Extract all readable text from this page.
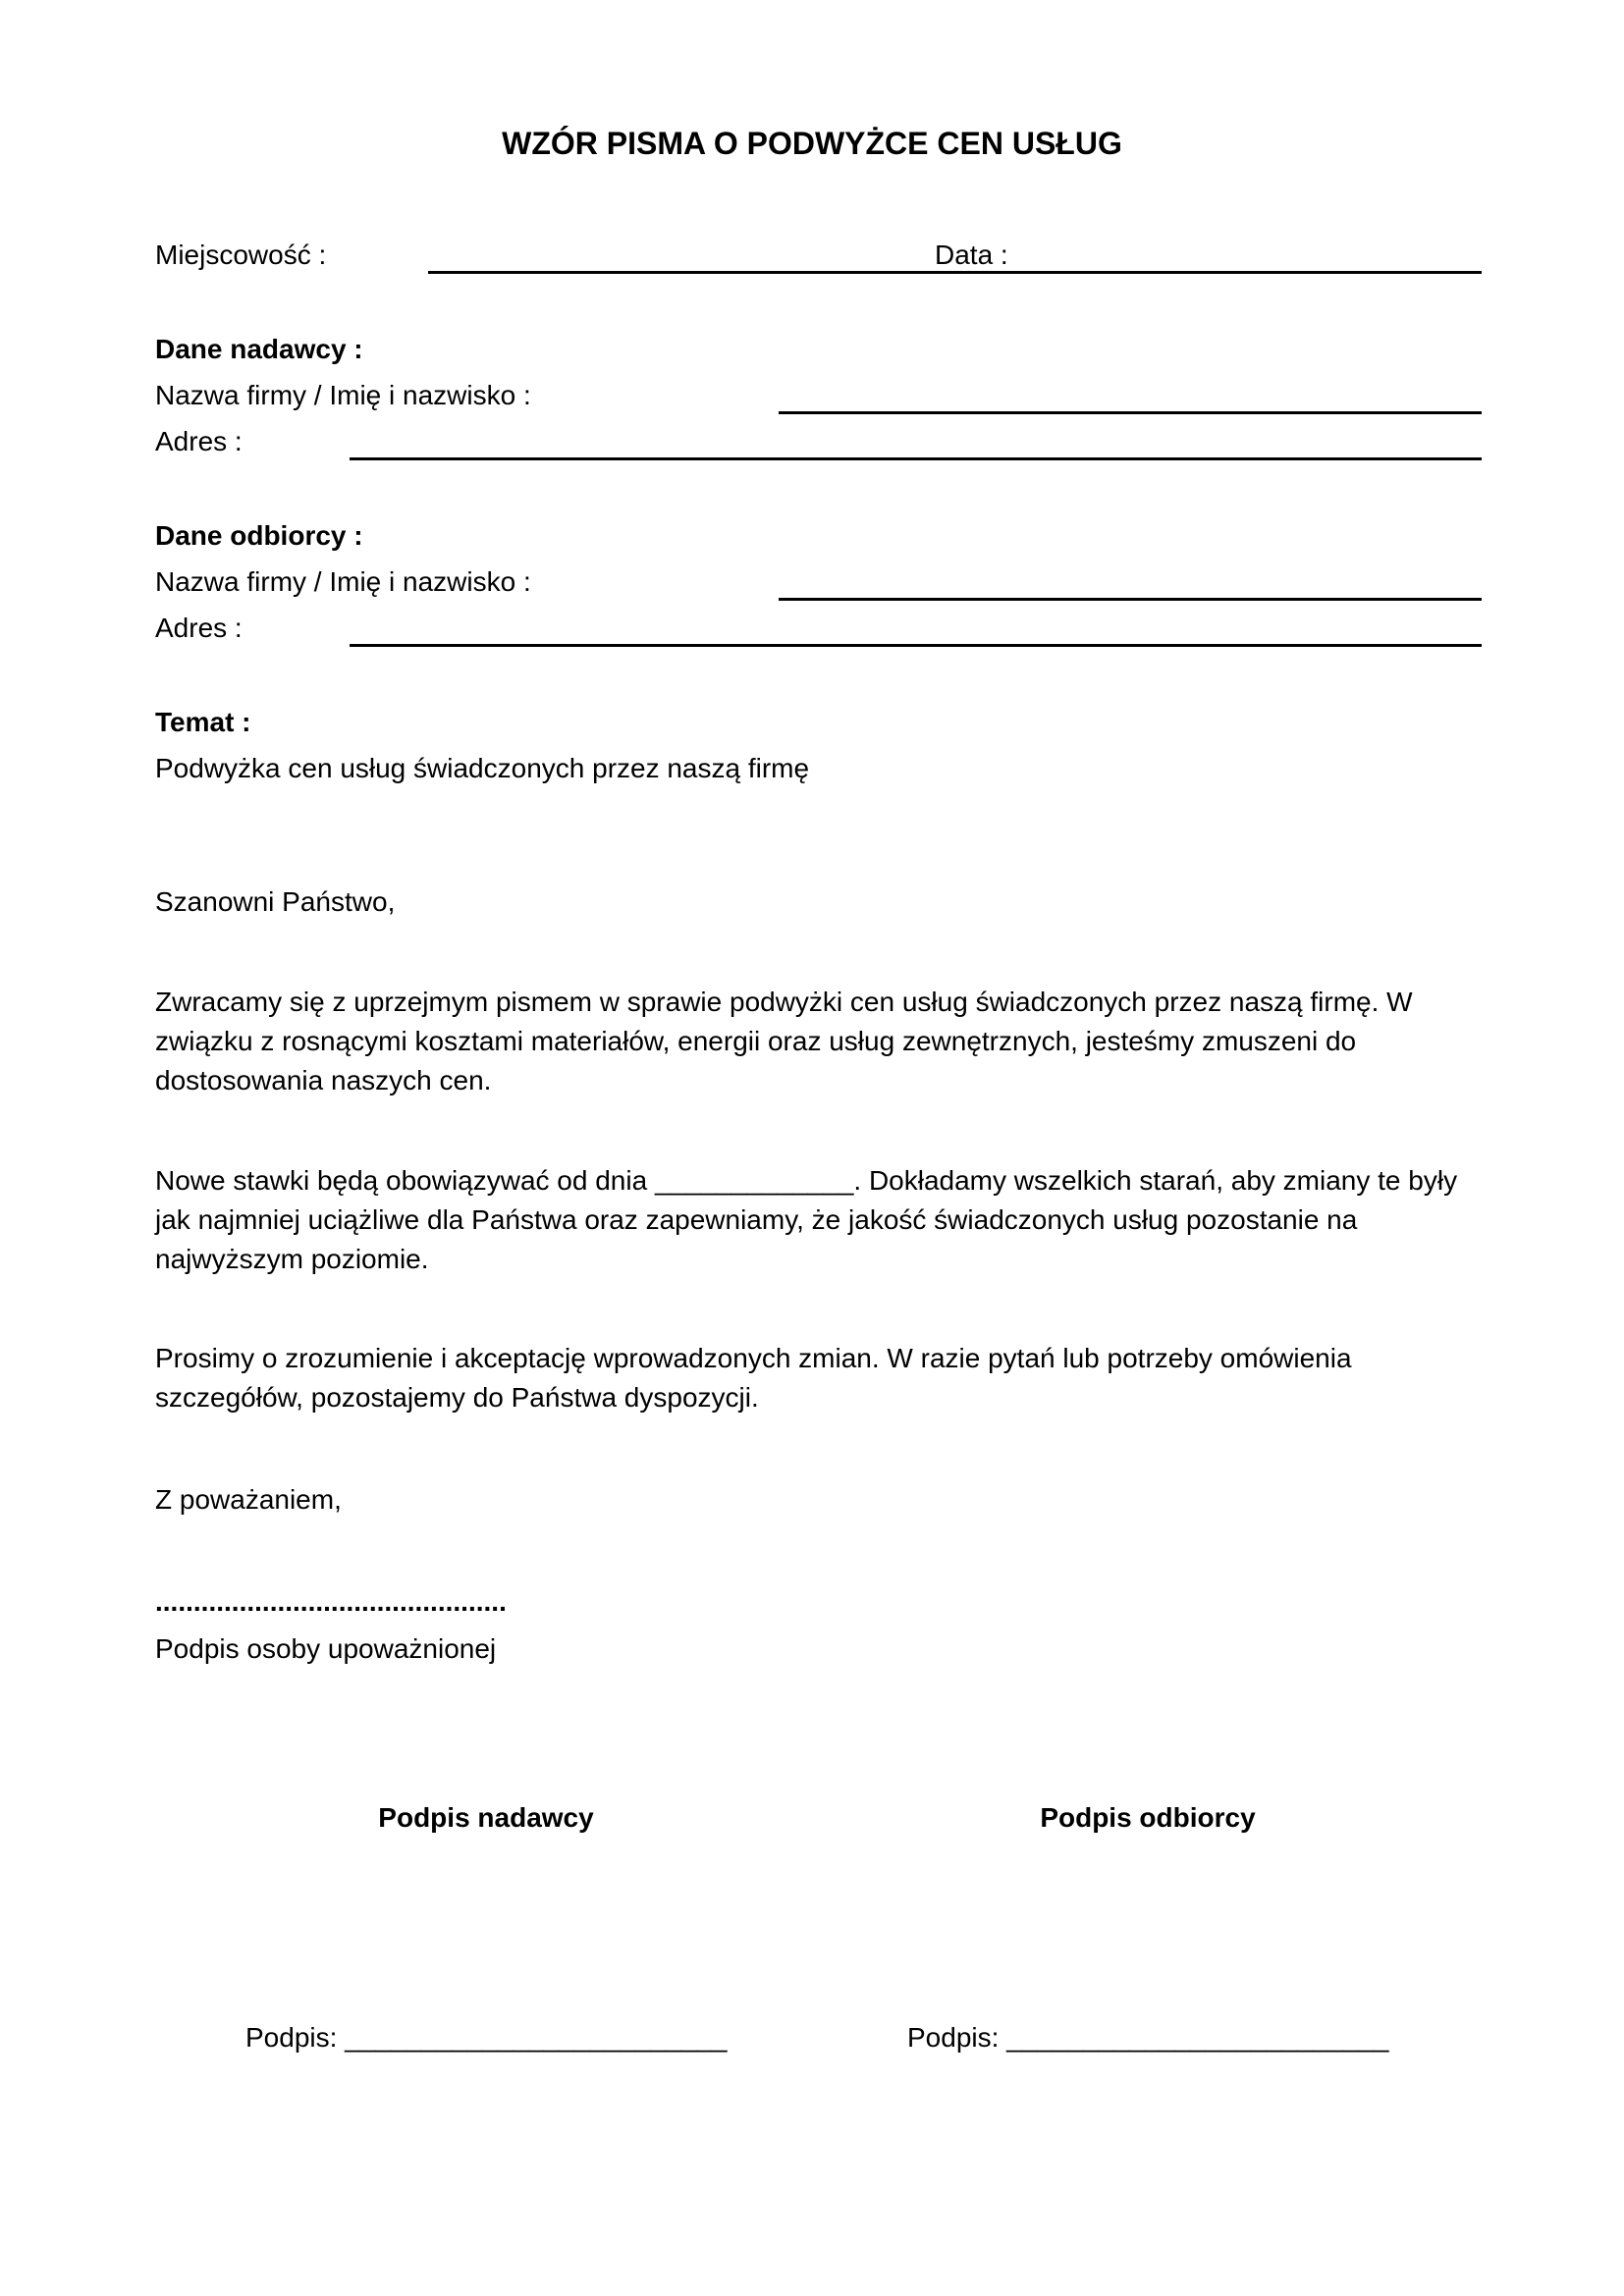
WZÓR PISMA O PODWYŻCE CEN USŁUG
Miejscowość :	Data :
Dane nadawcy :
Nazwa firmy / Imię i nazwisko :
Adres :
Dane odbiorcy :
Nazwa firmy / Imię i nazwisko :
Adres :
Temat :
Podwyżka cen usług świadczonych przez naszą firmę
Szanowni Państwo,
Zwracamy się z uprzejmym pismem w sprawie podwyżki cen usług świadczonych przez naszą firmę. W
związku z rosnącymi kosztami materiałów, energii oraz usług zewnętrznych, jesteśmy zmuszeni do
dostosowania naszych cen.
Nowe stawki będą obowiązywać od dnia _____________. Dokładamy wszelkich starań, aby zmiany te były
jak najmniej uciążliwe dla Państwa oraz zapewniamy, że jakość świadczonych usług pozostanie na
najwyższym poziomie.
Prosimy o zrozumienie i akceptację wprowadzonych zmian. W razie pytań lub potrzeby omówienia
szczegółów, pozostajemy do Państwa dyspozycji.
Z poważaniem,
..............................................
Podpis osoby upoważnionej
Podpis nadawcy	Podpis odbiorcy
Podpis: _________________________	Podpis: _________________________
